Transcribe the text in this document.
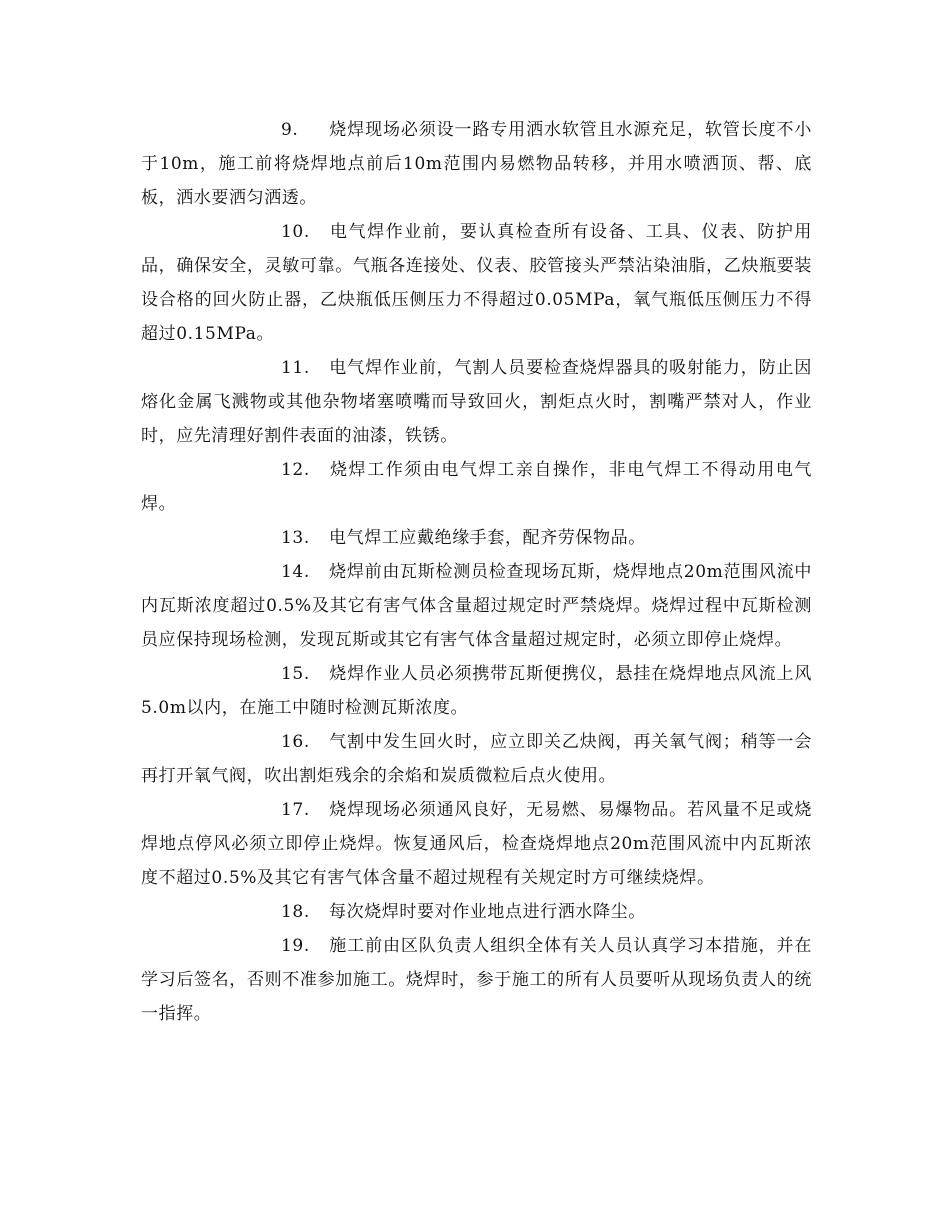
9. 烧焊现场必须设一路专用洒水软管且水源充足，软管长度不小于10m，施工前将烧焊地点前后10m范围内易燃物品转移，并用水喷洒顶、帮、底板，洒水要洒匀洒透。

10. 电气焊作业前，要认真检查所有设备、工具、仪表、防护用品，确保安全，灵敏可靠。气瓶各连接处、仪表、胶管接头严禁沾染油脂，乙炔瓶要装设合格的回火防止器，乙炔瓶低压侧压力不得超过0.05MPa，氧气瓶低压侧压力不得超过0.15MPa。

11. 电气焊作业前，气割人员要检查烧焊器具的吸射能力，防止因熔化金属飞溅物或其他杂物堵塞喷嘴而导致回火，割炬点火时，割嘴严禁对人，作业时，应先清理好割件表面的油漆，铁锈。

12. 烧焊工作须由电气焊工亲自操作，非电气焊工不得动用电气焊。

13. 电气焊工应戴绝缘手套，配齐劳保物品。

14. 烧焊前由瓦斯检测员检查现场瓦斯，烧焊地点20m范围风流中内瓦斯浓度超过0.5%及其它有害气体含量超过规定时严禁烧焊。烧焊过程中瓦斯检测员应保持现场检测，发现瓦斯或其它有害气体含量超过规定时，必须立即停止烧焊。

15. 烧焊作业人员必须携带瓦斯便携仪，悬挂在烧焊地点风流上风5.0m以内，在施工中随时检测瓦斯浓度。

16. 气割中发生回火时，应立即关乙炔阀，再关氧气阀；稍等一会再打开氧气阀，吹出割炬残余的余焰和炭质微粒后点火使用。

17. 烧焊现场必须通风良好，无易燃、易爆物品。若风量不足或烧焊地点停风必须立即停止烧焊。恢复通风后，检查烧焊地点20m范围风流中内瓦斯浓度不超过0.5%及其它有害气体含量不超过规程有关规定时方可继续烧焊。

18. 每次烧焊时要对作业地点进行洒水降尘。

19. 施工前由区队负责人组织全体有关人员认真学习本措施，并在学习后签名，否则不准参加施工。烧焊时，参于施工的所有人员要听从现场负责人的统一指挥。
